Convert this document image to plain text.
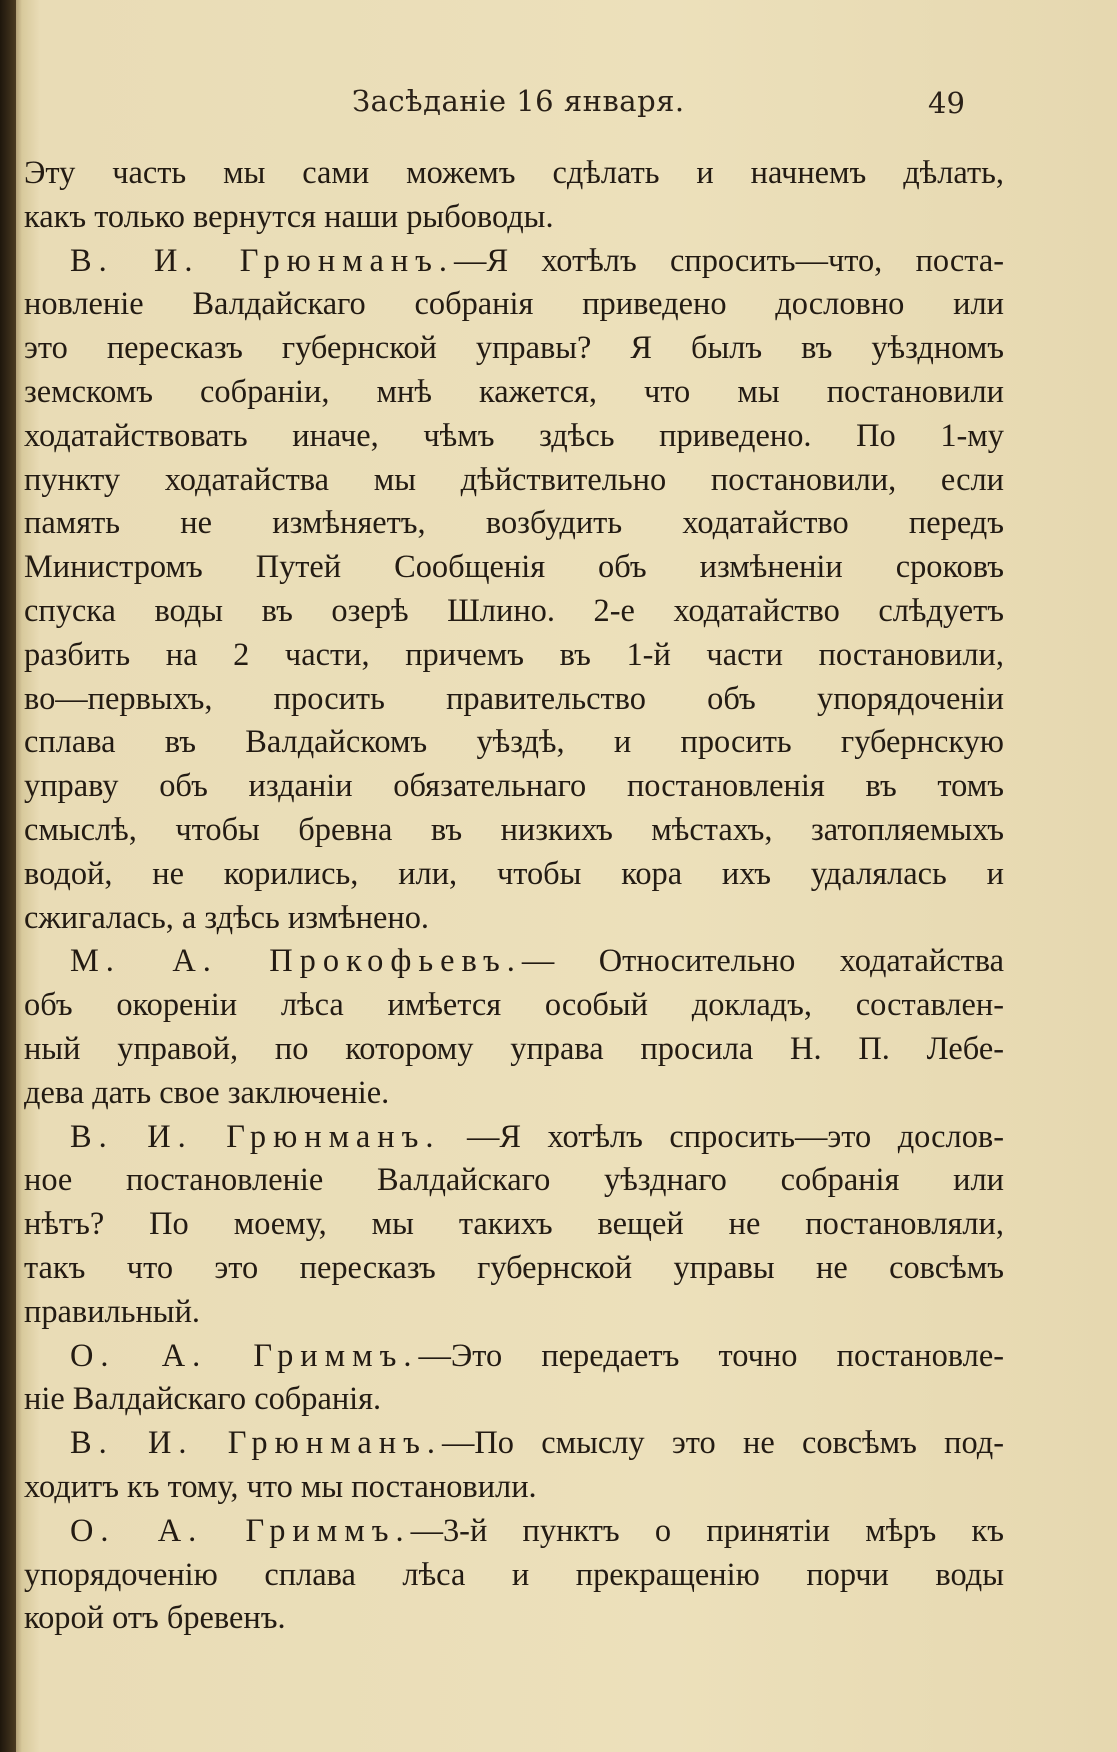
Засѣданіе 16 января.	49
Эту часть мы сами можемъ сдѣлать и начнемъ дѣлать,
какъ только вернутся наши рыбоводы.
В. И. Грюнманъ.—Я хотѣлъ спросить—что, поста-
новленіе Валдайскаго собранія приведено дословно или
это пересказъ губернской управы? Я былъ въ уѣздномъ
земскомъ собраніи, мнѣ кажется, что мы постановили
ходатайствовать иначе, чѣмъ здѣсь приведено. По 1-му
пункту ходатайства мы дѣйствительно постановили, если
память не измѣняетъ, возбудить ходатайство передъ
Министромъ Путей Сообщенія объ измѣненіи сроковъ
спуска воды въ озерѣ Шлино. 2-е ходатайство слѣдуетъ
разбить на 2 части, причемъ въ 1-й части постановили,
во—первыхъ, просить правительство объ упорядоченіи
сплава въ Валдайскомъ уѣздѣ, и просить губернскую
управу объ изданіи обязательнаго постановленія въ томъ
смыслѣ, чтобы бревна въ низкихъ мѣстахъ, затопляемыхъ
водой, не корились, или, чтобы кора ихъ удалялась и
сжигалась, а здѣсь измѣнено.
М. А. Прокофьевъ.— Относительно ходатайства
объ окореніи лѣса имѣется особый докладъ, составлен-
ный управой, по которому управа просила Н. П. Лебе-
дева дать свое заключеніе.
В. И. Грюнманъ. —Я хотѣлъ спросить—это дослов-
ное постановленіе Валдайскаго уѣзднаго собранія или
нѣтъ? По моему, мы такихъ вещей не постановляли,
такъ что это пересказъ губернской управы не совсѣмъ
правильный.
О. А. Гриммъ.—Это передаетъ точно постановле-
ніе Валдайскаго собранія.
В. И. Грюнманъ.—По смыслу это не совсѣмъ под-
ходитъ къ тому, что мы постановили.
О. А. Гриммъ.—3-й пунктъ о принятіи мѣръ къ
упорядоченію сплава лѣса и прекращенію порчи воды
корой отъ бревенъ.
